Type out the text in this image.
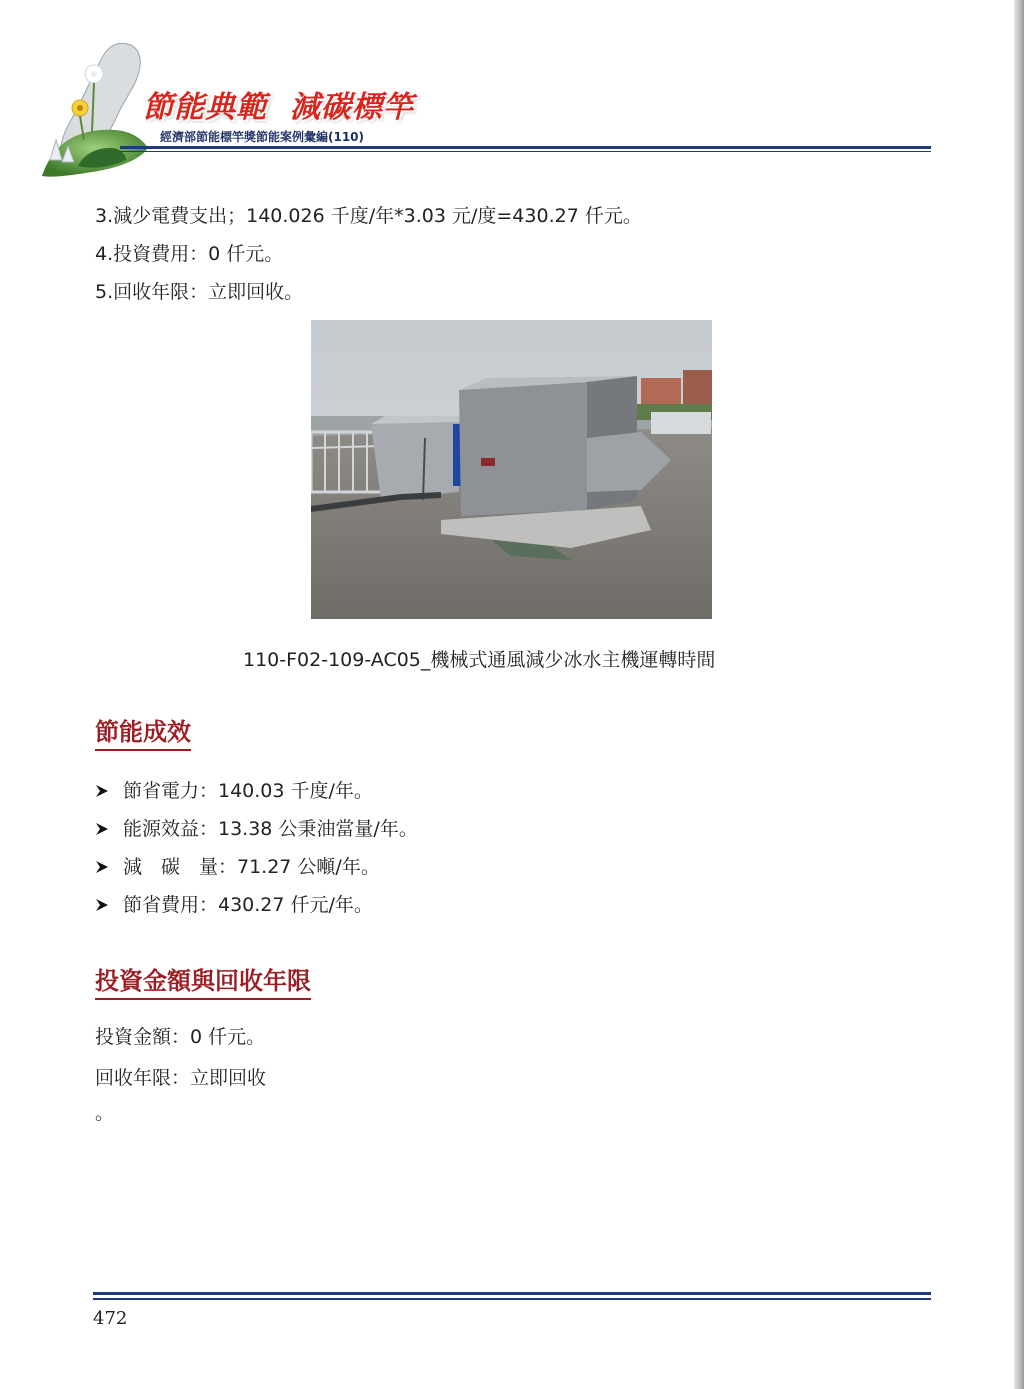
節能典範  減碳標竿
經濟部節能標竿獎節能案例彙編(110)
3.減少電費支出；140.026 千度/年*3.03 元/度=430.27 仟元。
4.投資費用：0 仟元。
5.回收年限：立即回收。
110-F02-109-AC05_機械式通風減少冰水主機運轉時間
節能成效
節省電力：140.03 千度/年。
能源效益：13.38 公秉油當量/年。
減　碳　量：71.27 公噸/年。
節省費用：430.27 仟元/年。
投資金額與回收年限
投資金額：0 仟元。
回收年限：立即回收
。
472
